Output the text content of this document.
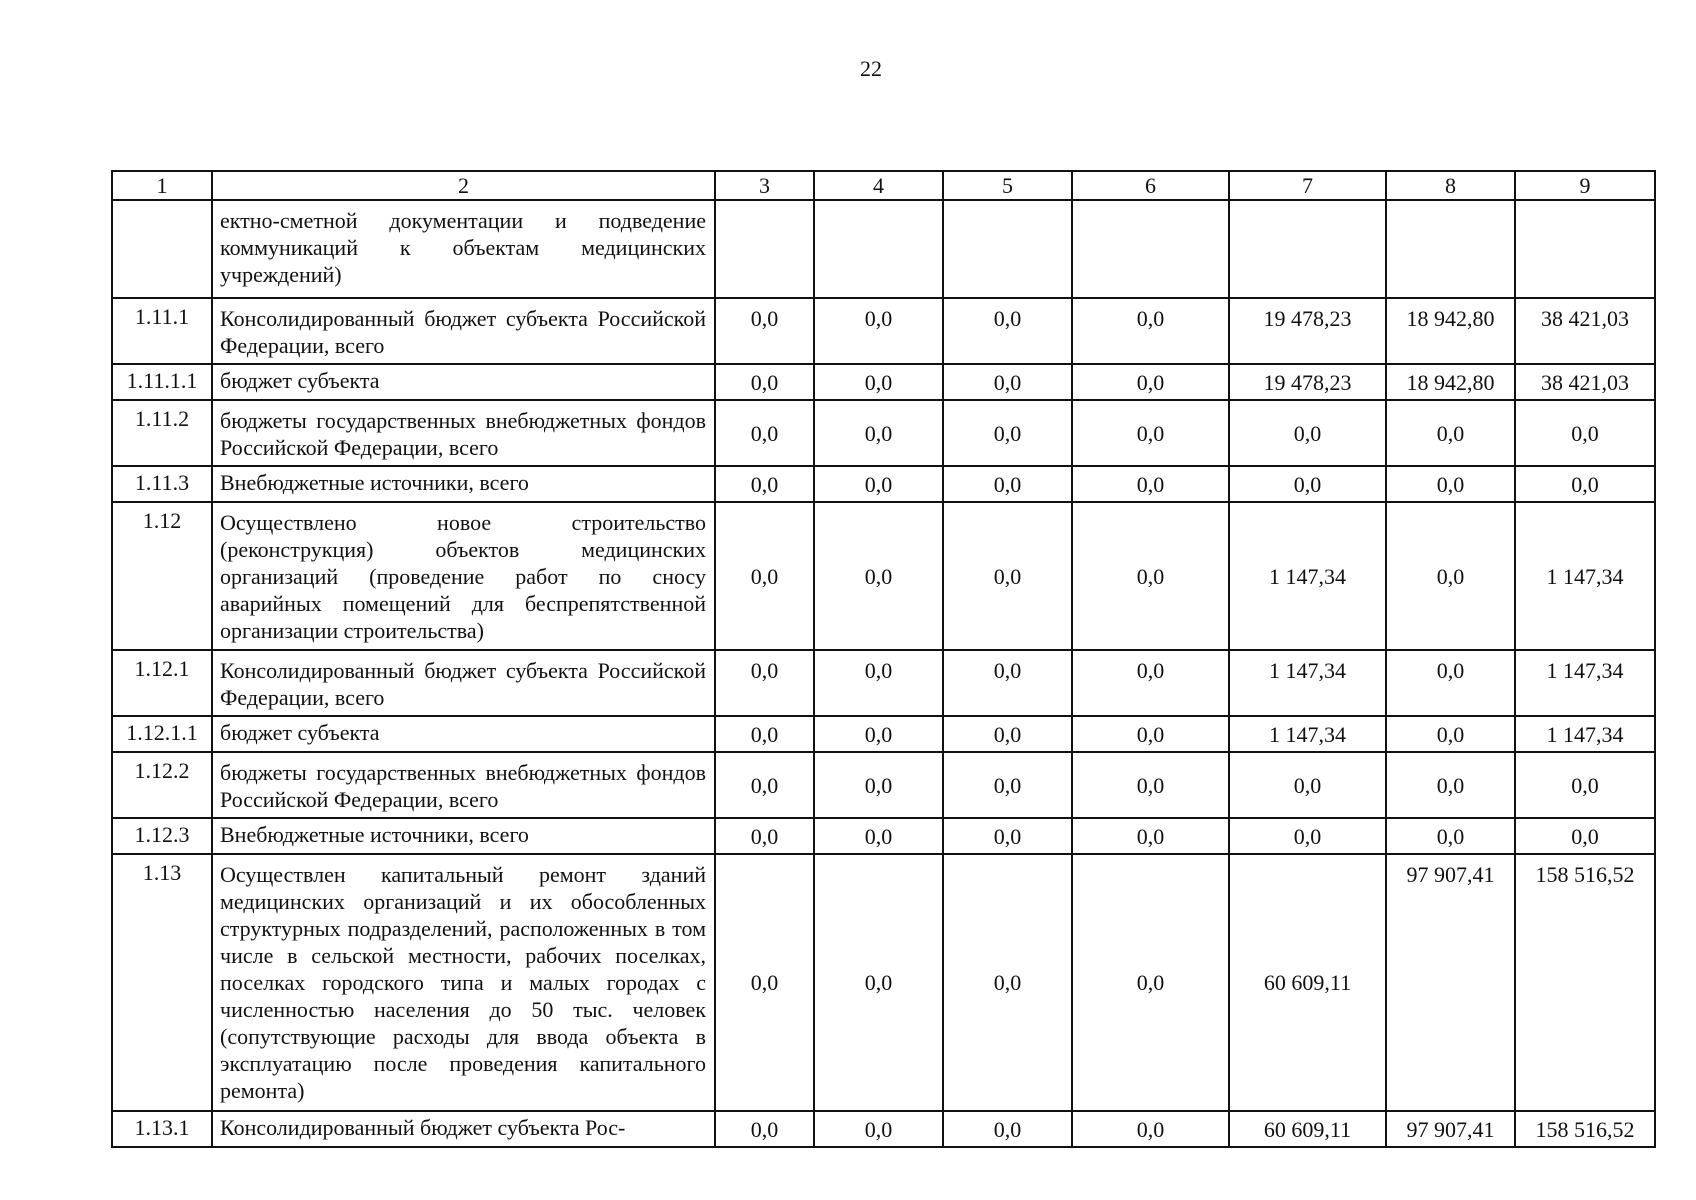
22
1	2	3	4	5	6	7	8	9
	ектно-сметной документации и подведение коммуникаций к объектам медицинских учреждений)							
1.11.1	Консолидированный бюджет субъекта Российской Федерации, всего	0,0	0,0	0,0	0,0	19 478,23	18 942,80	38 421,03
1.11.1.1	бюджет субъекта	0,0	0,0	0,0	0,0	19 478,23	18 942,80	38 421,03
1.11.2	бюджеты государственных внебюджетных фондов Российской Федерации, всего	0,0	0,0	0,0	0,0	0,0	0,0	0,0
1.11.3	Внебюджетные источники, всего	0,0	0,0	0,0	0,0	0,0	0,0	0,0
1.12	Осуществлено новое строительство (реконструкция) объектов медицинских организаций (проведение работ по сносу аварийных помещений для беспрепятственной организации строительства)	0,0	0,0	0,0	0,0	1 147,34	0,0	1 147,34
1.12.1	Консолидированный бюджет субъекта Российской Федерации, всего	0,0	0,0	0,0	0,0	1 147,34	0,0	1 147,34
1.12.1.1	бюджет субъекта	0,0	0,0	0,0	0,0	1 147,34	0,0	1 147,34
1.12.2	бюджеты государственных внебюджетных фондов Российской Федерации, всего	0,0	0,0	0,0	0,0	0,0	0,0	0,0
1.12.3	Внебюджетные источники, всего	0,0	0,0	0,0	0,0	0,0	0,0	0,0
1.13	Осуществлен капитальный ремонт зданий медицинских организаций и их обособленных структурных подразделений, расположенных в том числе в сельской местности, рабочих поселках, поселках городского типа и малых городах с численностью населения до 50 тыс. человек (сопутствующие расходы для ввода объекта в эксплуатацию после проведения капитального ремонта)	0,0	0,0	0,0	0,0	60 609,11	97 907,41	158 516,52
1.13.1	Консолидированный бюджет субъекта Рос-	0,0	0,0	0,0	0,0	60 609,11	97 907,41	158 516,52
